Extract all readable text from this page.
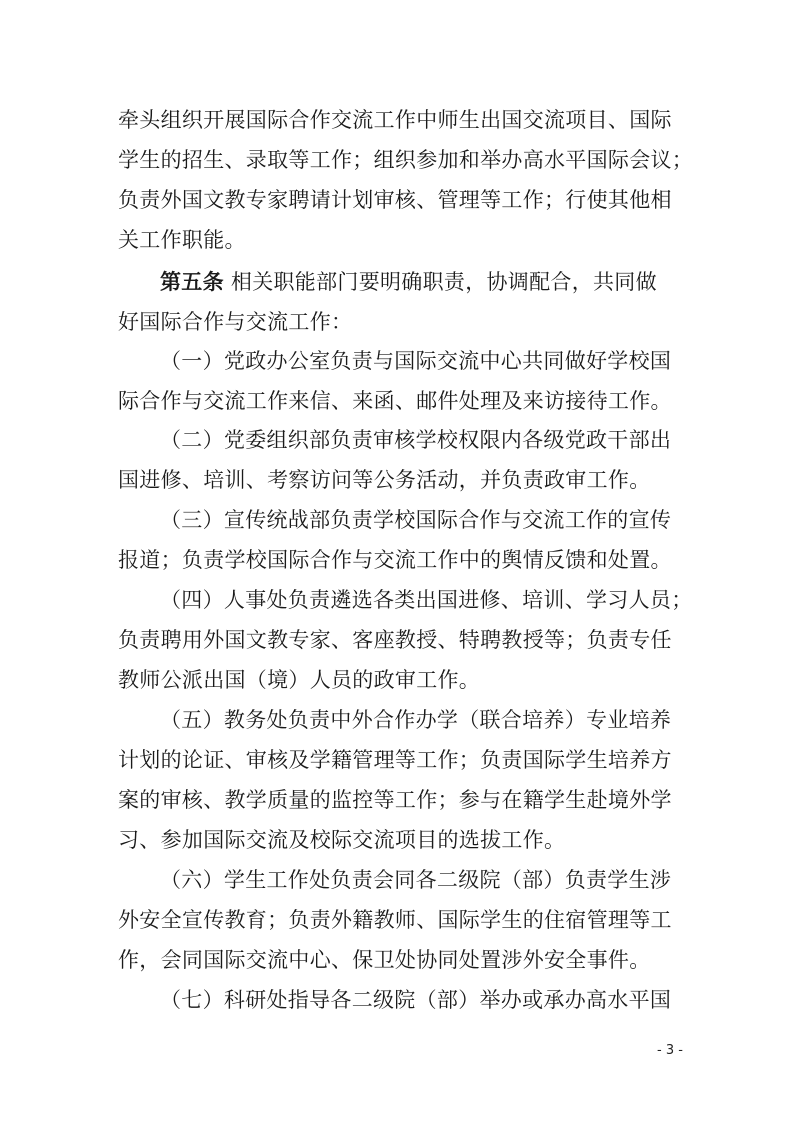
牵头组织开展国际合作交流工作中师生出国交流项目、国际
学生的招生、录取等工作；组织参加和举办高水平国际会议；
负责外国文教专家聘请计划审核、管理等工作；行使其他相
关工作职能。
第五条 相关职能部门要明确职责，协调配合，共同做
好国际合作与交流工作：
（一）党政办公室负责与国际交流中心共同做好学校国
际合作与交流工作来信、来函、邮件处理及来访接待工作。
（二）党委组织部负责审核学校权限内各级党政干部出
国进修、培训、考察访问等公务活动，并负责政审工作。
（三）宣传统战部负责学校国际合作与交流工作的宣传
报道；负责学校国际合作与交流工作中的舆情反馈和处置。
（四）人事处负责遴选各类出国进修、培训、学习人员；
负责聘用外国文教专家、客座教授、特聘教授等；负责专任
教师公派出国（境）人员的政审工作。
（五）教务处负责中外合作办学（联合培养）专业培养
计划的论证、审核及学籍管理等工作；负责国际学生培养方
案的审核、教学质量的监控等工作；参与在籍学生赴境外学
习、参加国际交流及校际交流项目的选拔工作。
（六）学生工作处负责会同各二级院（部）负责学生涉
外安全宣传教育；负责外籍教师、国际学生的住宿管理等工
作，会同国际交流中心、保卫处协同处置涉外安全事件。
（七）科研处指导各二级院（部）举办或承办高水平国
- 3 -
